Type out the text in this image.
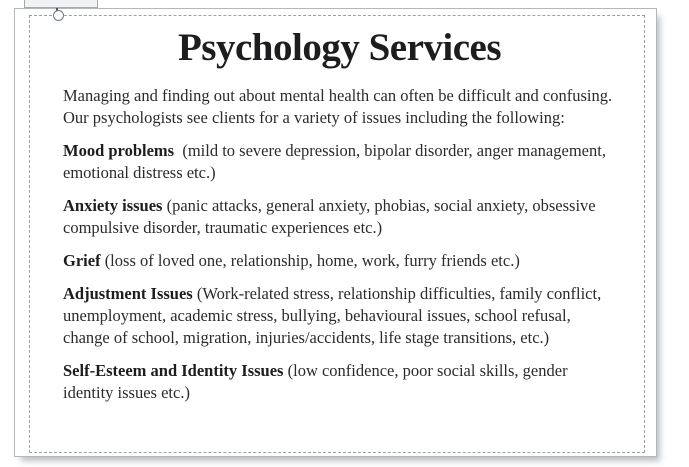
Psychology Services

Managing and finding out about mental health can often be difficult and confusing. Our psychologists see clients for a variety of issues including the following:

Mood problems  (mild to severe depression, bipolar disorder, anger management, emotional distress etc.)

Anxiety issues (panic attacks, general anxiety, phobias, social anxiety, obsessive compulsive disorder, traumatic experiences etc.)

Grief (loss of loved one, relationship, home, work, furry friends etc.)

Adjustment Issues (Work-related stress, relationship difficulties, family conflict, unemployment, academic stress, bullying, behavioural issues, school refusal, change of school, migration, injuries/accidents, life stage transitions, etc.)

Self-Esteem and Identity Issues (low confidence, poor social skills, gender identity issues etc.)
